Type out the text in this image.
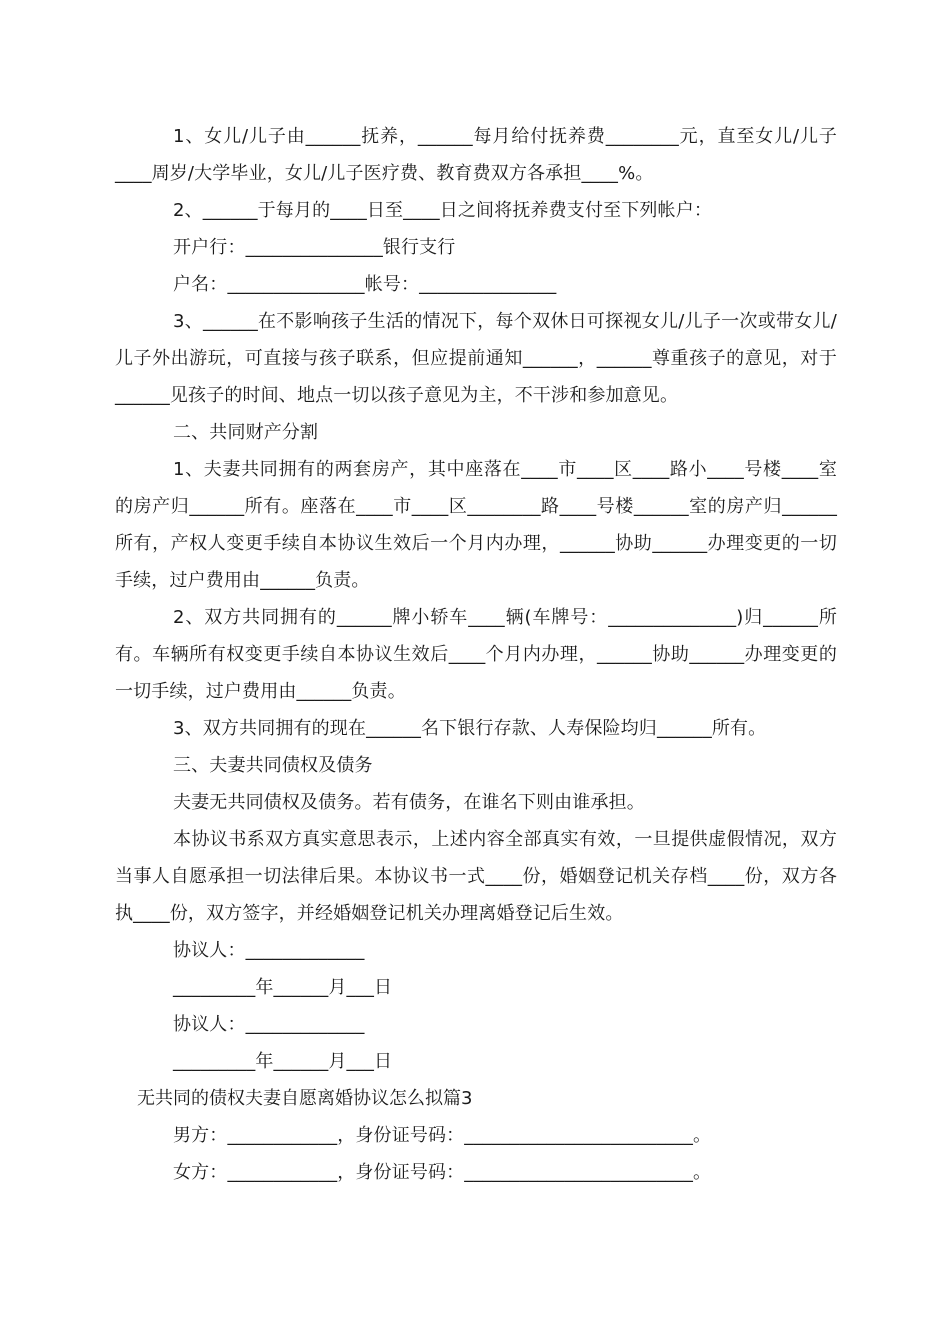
1、女儿/儿子由______抚养，______每月给付抚养费________元，直至女儿/儿子____周岁/大学毕业，女儿/儿子医疗费、教育费双方各承担____%。

2、______于每月的____日至____日之间将抚养费支付至下列帐户：

开户行：_______________银行支行

户名：_______________帐号：_______________

3、______在不影响孩子生活的情况下，每个双休日可探视女儿/儿子一次或带女儿/儿子外出游玩，可直接与孩子联系，但应提前通知______，______尊重孩子的意见，对于______见孩子的时间、地点一切以孩子意见为主，不干涉和参加意见。

二、共同财产分割

1、夫妻共同拥有的两套房产，其中座落在____市____区____路小____号楼____室的房产归______所有。座落在____市____区________路____号楼______室的房产归______所有，产权人变更手续自本协议生效后一个月内办理，______协助______办理变更的一切手续，过户费用由______负责。

2、双方共同拥有的______牌小轿车____辆(车牌号：______________)归______所有。车辆所有权变更手续自本协议生效后____个月内办理，______协助______办理变更的一切手续，过户费用由______负责。

3、双方共同拥有的现在______名下银行存款、人寿保险均归______所有。

三、夫妻共同债权及债务

夫妻无共同债权及债务。若有债务，在谁名下则由谁承担。

本协议书系双方真实意思表示，上述内容全部真实有效，一旦提供虚假情况，双方当事人自愿承担一切法律后果。本协议书一式____份，婚姻登记机关存档____份，双方各执____份，双方签字，并经婚姻登记机关办理离婚登记后生效。

协议人：_____________

_________年______月___日

协议人：_____________

_________年______月___日

无共同的债权夫妻自愿离婚协议怎么拟篇3

男方：____________，身份证号码：_________________________。

女方：____________，身份证号码：_________________________。
